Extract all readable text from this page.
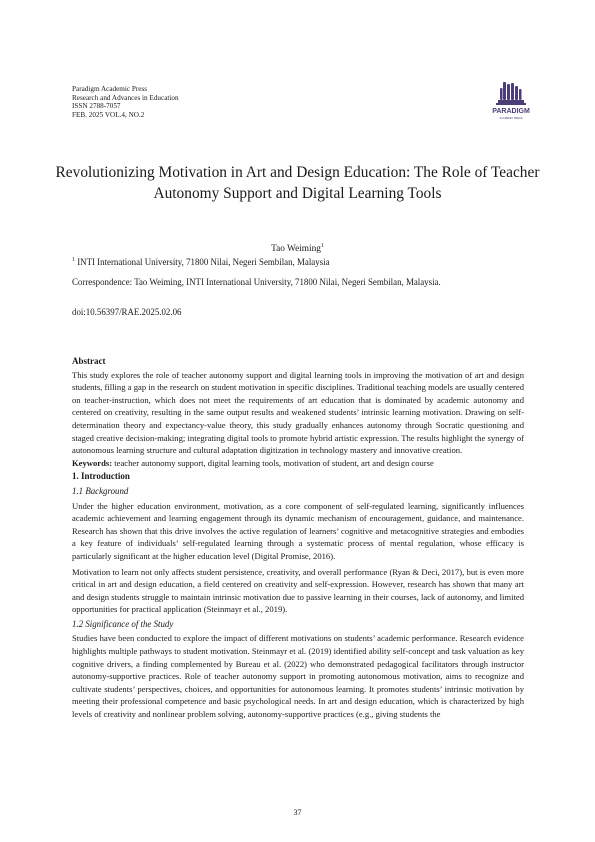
Paradigm Academic Press
Research and Advances in Education
ISSN 2788-7057
FEB. 2025 VOL.4, NO.2	PARADIGM
ACADEMIC PRESS
Revolutionizing Motivation in Art and Design Education: The Role of Teacher Autonomy Support and Digital Learning Tools
Tao Weiming$^1$
$^1$ INTI International University, 71800 Nilai, Negeri Sembilan, Malaysia
Correspondence: Tao Weiming, INTI International University, 71800 Nilai, Negeri Sembilan, Malaysia.
doi:10.56397/RAE.2025.02.06
Abstract

This study explores the role of teacher autonomy support and digital learning tools in improving the motivation of art and design students, filling a gap in the research on student motivation in specific disciplines. Traditional teaching models are usually centered on teacher-instruction, which does not meet the requirements of art education that is dominated by academic autonomy and centered on creativity, resulting in the same output results and weakened students’ intrinsic learning motivation. Drawing on self-determination theory and expectancy-value theory, this study gradually enhances autonomy through Socratic questioning and staged creative decision-making; integrating digital tools to promote hybrid artistic expression. The results highlight the synergy of autonomous learning structure and cultural adaptation digitization in technology mastery and innovative creation.

Keywords: teacher autonomy support, digital learning tools, motivation of student, art and design course

1. Introduction
1.1 Background

Under the higher education environment, motivation, as a core component of self-regulated learning, significantly influences academic achievement and learning engagement through its dynamic mechanism of encouragement, guidance, and maintenance. Research has shown that this drive involves the active regulation of learners’ cognitive and metacognitive strategies and embodies a key feature of individuals’ self-regulated learning through a systematic process of mental regulation, whose efficacy is particularly significant at the higher education level (Digital Promise, 2016).

Motivation to learn not only affects student persistence, creativity, and overall performance (Ryan & Deci, 2017), but is even more critical in art and design education, a field centered on creativity and self-expression. However, research has shown that many art and design students struggle to maintain intrinsic motivation due to passive learning in their courses, lack of autonomy, and limited opportunities for practical application (Steinmayr et al., 2019).

1.2 Significance of the Study

Studies have been conducted to explore the impact of different motivations on students’ academic performance. Research evidence highlights multiple pathways to student motivation. Steinmayr et al. (2019) identified ability self-concept and task valuation as key cognitive drivers, a finding complemented by Bureau et al. (2022) who demonstrated pedagogical facilitators through instructor autonomy-supportive practices. Role of teacher autonomy support in promoting autonomous motivation, aims to recognize and cultivate students’ perspectives, choices, and opportunities for autonomous learning. It promotes students’ intrinsic motivation by meeting their professional competence and basic psychological needs. In art and design education, which is characterized by high levels of creativity and nonlinear problem solving, autonomy-supportive practices (e.g., giving students the

37
